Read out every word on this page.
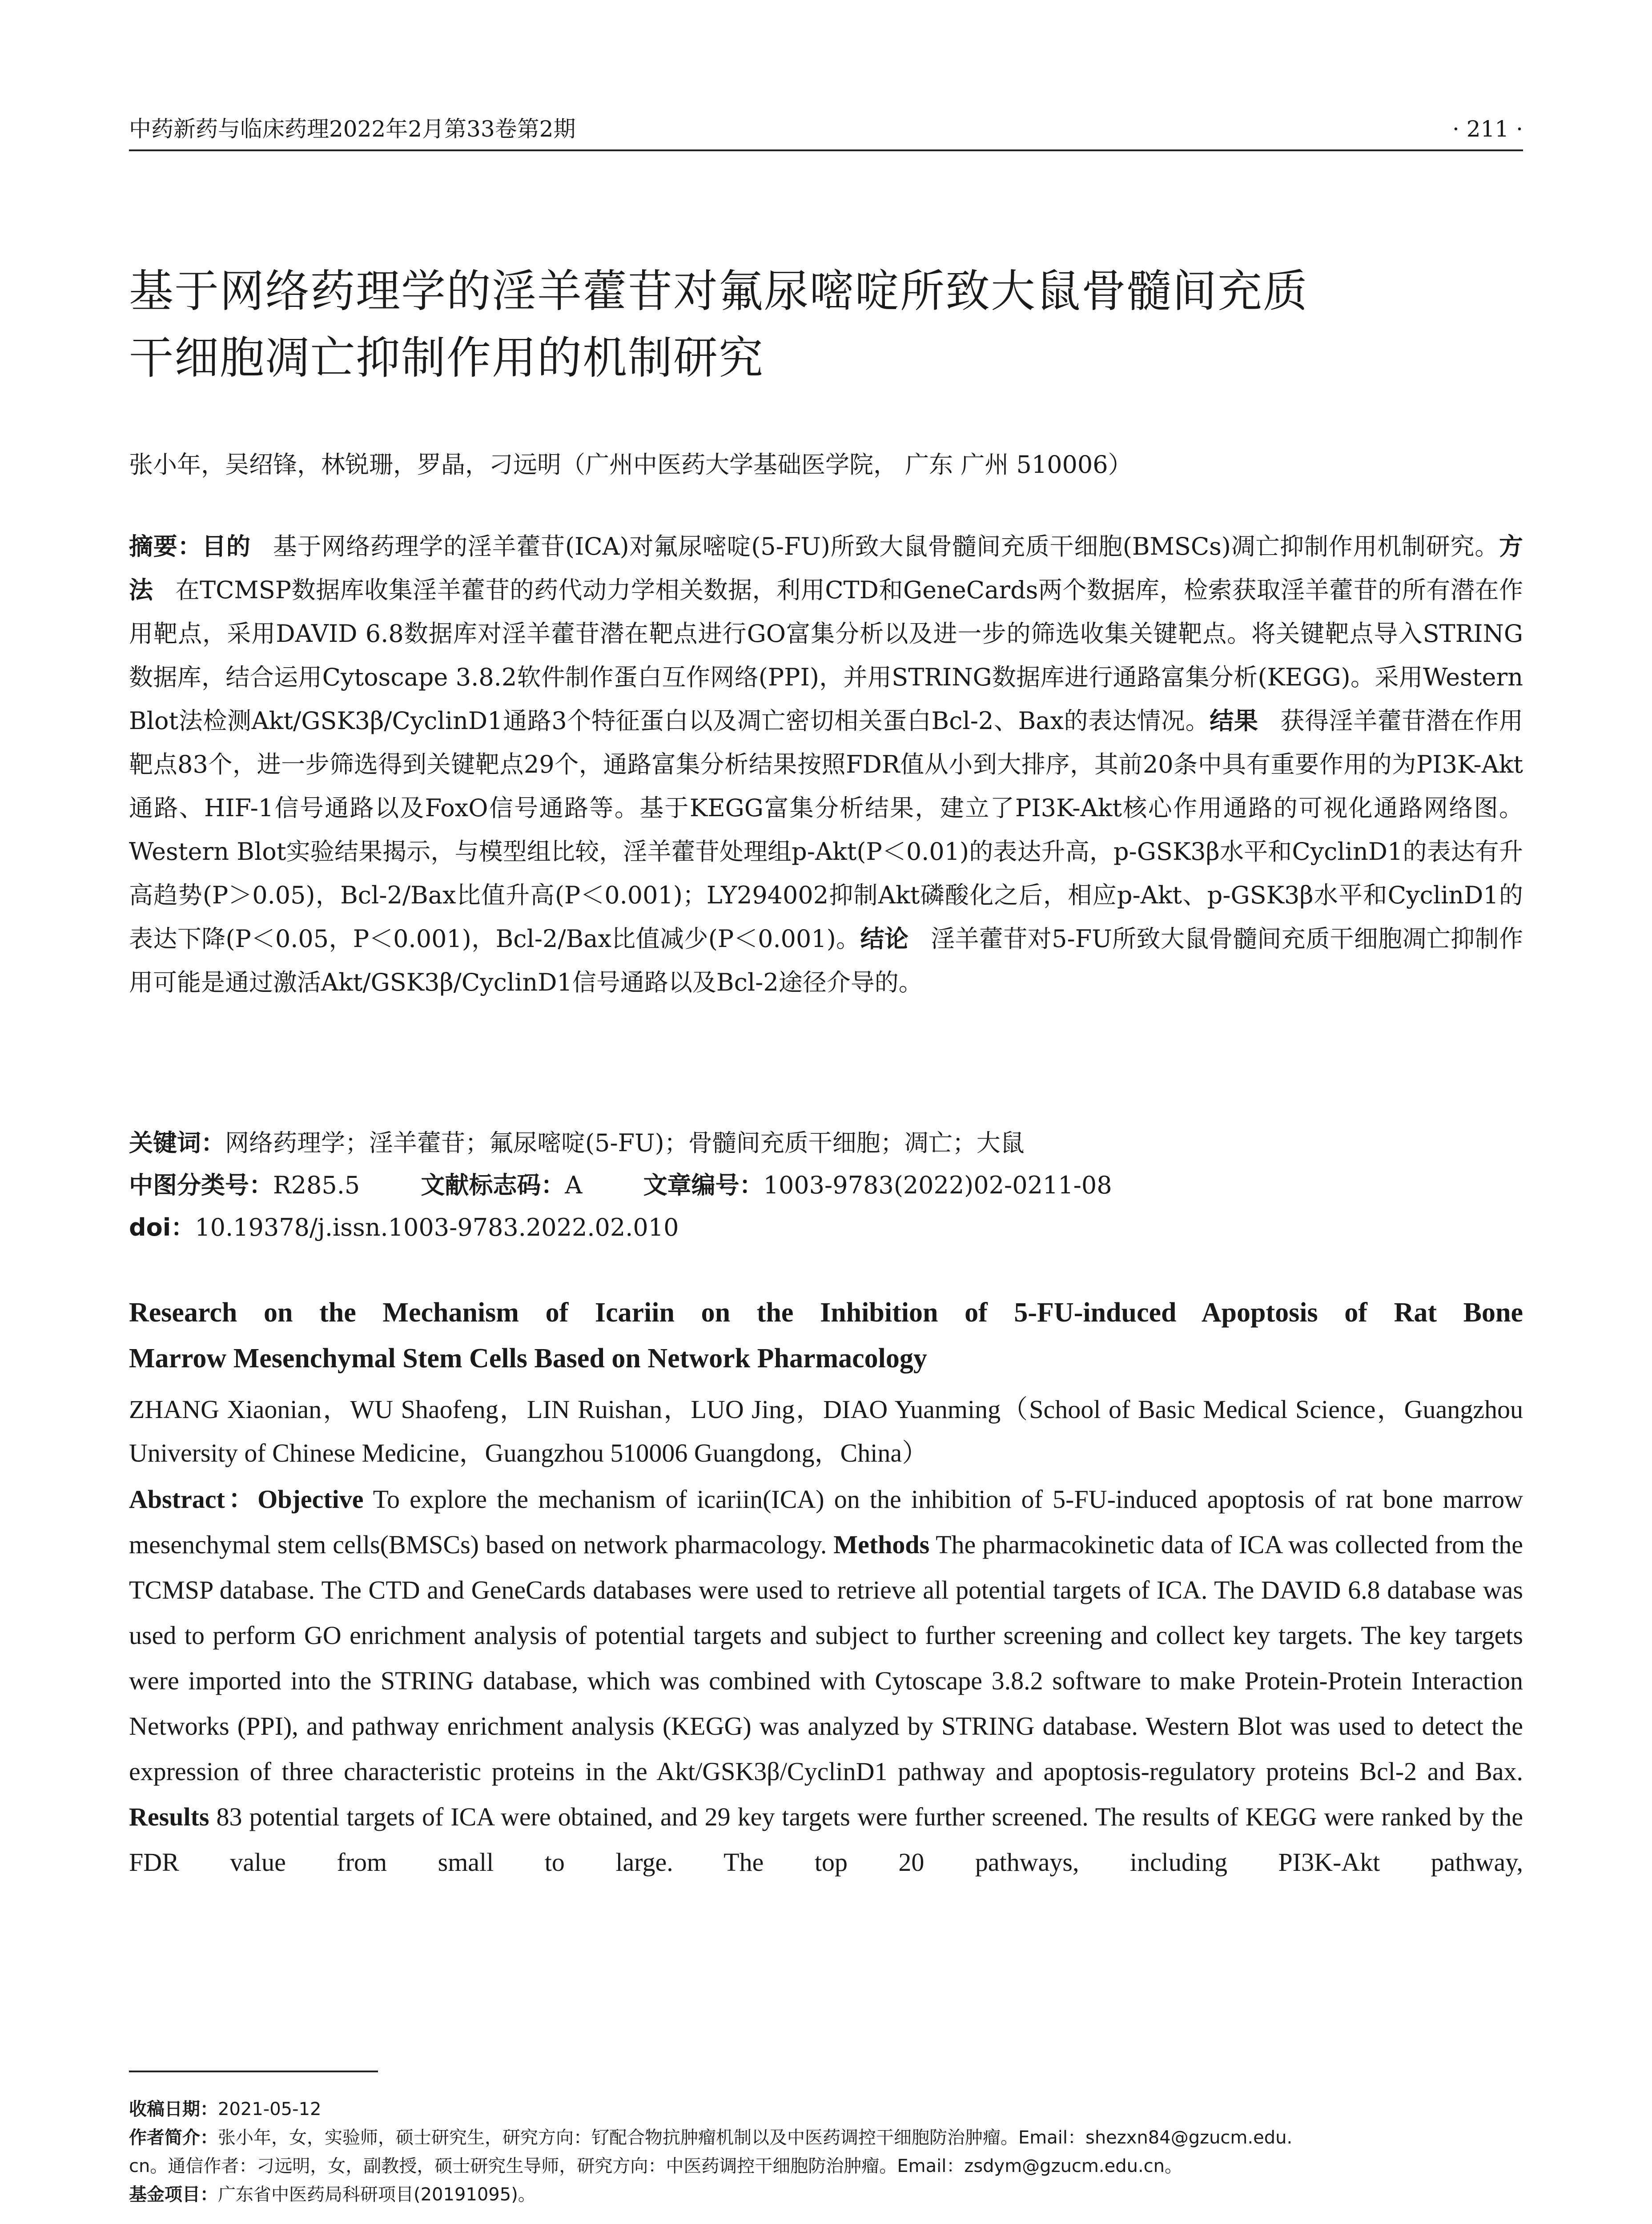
中药新药与临床药理2022年2月第33卷第2期	· 211 ·
基于网络药理学的淫羊藿苷对氟尿嘧啶所致大鼠骨髓间充质
干细胞凋亡抑制作用的机制研究
张小年，吴绍锋，林锐珊，罗晶，刁远明（广州中医药大学基础医学院， 广东 广州 510006）
摘要：目的 基于网络药理学的淫羊藿苷(ICA)对氟尿嘧啶(5-FU)所致大鼠骨髓间充质干细胞(BMSCs)凋亡抑制作用机制研究。方法 在TCMSP数据库收集淫羊藿苷的药代动力学相关数据，利用CTD和GeneCards两个数据库，检索获取淫羊藿苷的所有潜在作用靶点，采用DAVID 6.8数据库对淫羊藿苷潜在靶点进行GO富集分析以及进一步的筛选收集关键靶点。将关键靶点导入STRING数据库，结合运用Cytoscape 3.8.2软件制作蛋白互作网络(PPI)，并用STRING数据库进行通路富集分析(KEGG)。采用Western Blot法检测Akt/GSK3β/CyclinD1通路3个特征蛋白以及凋亡密切相关蛋白Bcl-2、Bax的表达情况。结果 获得淫羊藿苷潜在作用靶点83个，进一步筛选得到关键靶点29个，通路富集分析结果按照FDR值从小到大排序，其前20条中具有重要作用的为PI3K-Akt通路、HIF-1信号通路以及FoxO信号通路等。基于KEGG富集分析结果，建立了PI3K-Akt核心作用通路的可视化通路网络图。Western Blot实验结果揭示，与模型组比较，淫羊藿苷处理组p-Akt(P＜0.01)的表达升高，p-GSK3β水平和CyclinD1的表达有升高趋势(P＞0.05)，Bcl-2/Bax比值升高(P＜0.001)；LY294002抑制Akt磷酸化之后，相应p-Akt、p-GSK3β水平和CyclinD1的表达下降(P＜0.05，P＜0.001)，Bcl-2/Bax比值减少(P＜0.001)。结论 淫羊藿苷对5-FU所致大鼠骨髓间充质干细胞凋亡抑制作用可能是通过激活Akt/GSK3β/CyclinD1信号通路以及Bcl-2途径介导的。
关键词：网络药理学；淫羊藿苷；氟尿嘧啶(5-FU)；骨髓间充质干细胞；凋亡；大鼠
中图分类号：R285.5	文献标志码：A	文章编号：1003-9783(2022)02-0211-08
doi：10.19378/j.issn.1003-9783.2022.02.010
Research on the Mechanism of Icariin on the Inhibition of 5-FU-induced Apoptosis of Rat Bone
Marrow Mesenchymal Stem Cells Based on Network Pharmacology
ZHANG Xiaonian，WU Shaofeng，LIN Ruishan，LUO Jing，DIAO Yuanming（School of Basic Medical Science，Guangzhou University of Chinese Medicine，Guangzhou 510006 Guangdong，China）
Abstract：Objective To explore the mechanism of icariin(ICA) on the inhibition of 5-FU-induced apoptosis of rat bone marrow mesenchymal stem cells(BMSCs) based on network pharmacology. Methods The pharmacokinetic data of ICA was collected from the TCMSP database. The CTD and GeneCards databases were used to retrieve all potential targets of ICA. The DAVID 6.8 database was used to perform GO enrichment analysis of potential targets and subject to further screening and collect key targets. The key targets were imported into the STRING database, which was combined with Cytoscape 3.8.2 software to make Protein-Protein Interaction Networks (PPI), and pathway enrichment analysis (KEGG) was analyzed by STRING database. Western Blot was used to detect the expression of three characteristic proteins in the Akt/GSK3β/CyclinD1 pathway and apoptosis-regulatory proteins Bcl-2 and Bax. Results 83 potential targets of ICA were obtained, and 29 key targets were further screened. The results of KEGG were ranked by the FDR value from small to large. The top 20 pathways, including PI3K-Akt pathway,
收稿日期：2021-05-12
作者简介：张小年，女，实验师，硕士研究生，研究方向：钌配合物抗肿瘤机制以及中医药调控干细胞防治肿瘤。Email：shezxn84@gzucm.edu.
cn。通信作者：刁远明，女，副教授，硕士研究生导师，研究方向：中医药调控干细胞防治肿瘤。Email：zsdym@gzucm.edu.cn。
基金项目：广东省中医药局科研项目(20191095)。
